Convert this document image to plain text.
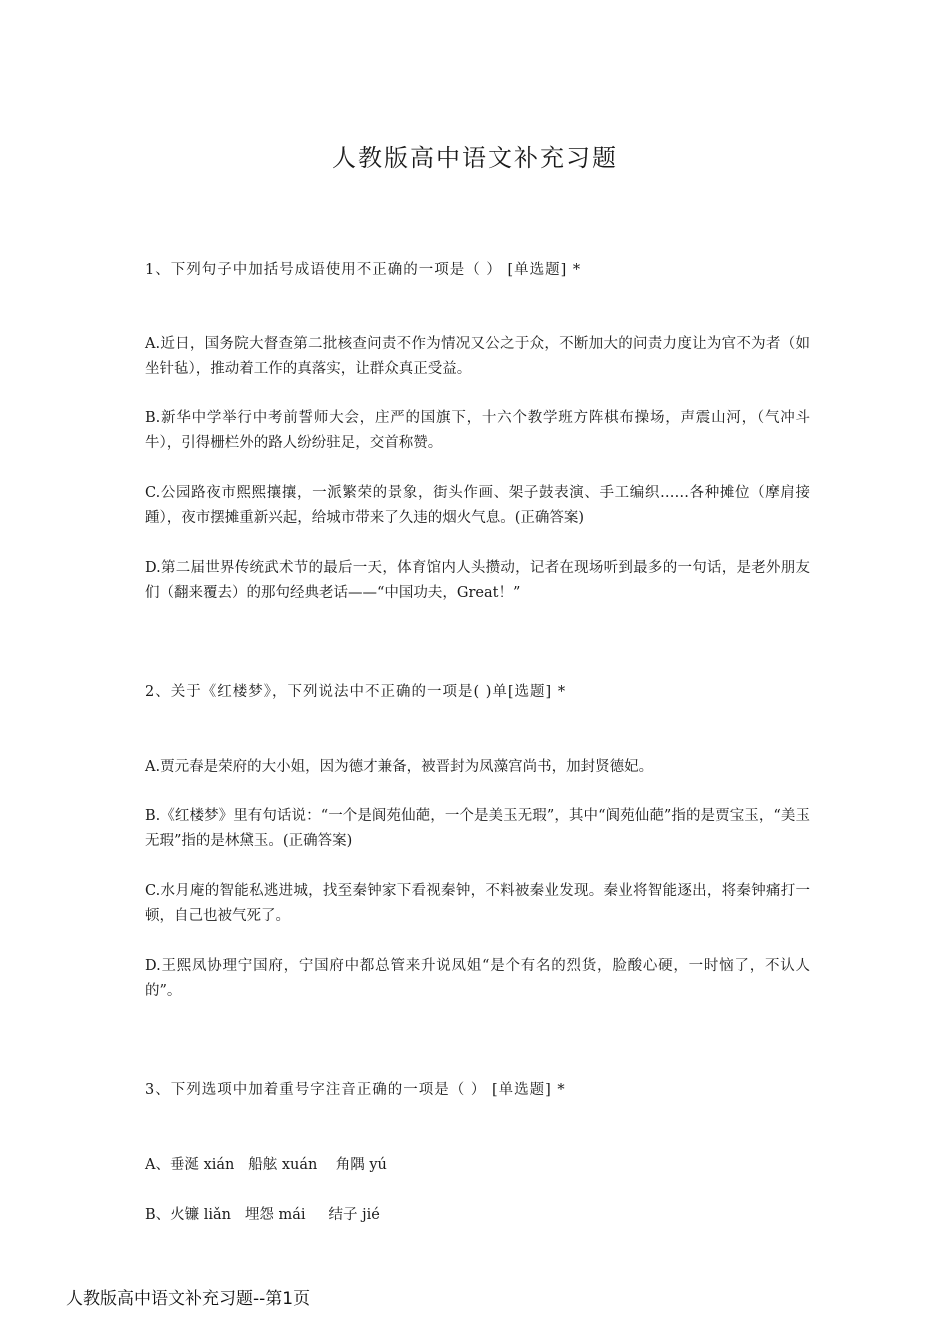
人教版高中语文补充习题
1、下列句子中加括号成语使用不正确的一项是（ ） [单选题] *
A.近日，国务院大督查第二批核查问责不作为情况又公之于众，不断加大的问责力度让为官不为者（如坐针毡），推动着工作的真落实，让群众真正受益。
B.新华中学举行中考前誓师大会，庄严的国旗下，十六个教学班方阵棋布操场，声震山河，（气冲斗牛），引得栅栏外的路人纷纷驻足，交首称赞。
C.公园路夜市熙熙攘攘，一派繁荣的景象，街头作画、架子鼓表演、手工编织……各种摊位（摩肩接踵），夜市摆摊重新兴起，给城市带来了久违的烟火气息。(正确答案)
D.第二届世界传统武术节的最后一天，体育馆内人头攒动，记者在现场听到最多的一句话，是老外朋友们（翻来覆去）的那句经典老话——“中国功夫，Great！”
2、关于《红楼梦》，下列说法中不正确的一项是( )单[选题] *
A.贾元春是荣府的大小姐，因为德才兼备，被晋封为凤藻宫尚书，加封贤德妃。
B.《红楼梦》里有句话说：“一个是阆苑仙葩，一个是美玉无瑕”，其中“阆苑仙葩”指的是贾宝玉，“美玉无瑕”指的是林黛玉。(正确答案)
C.水月庵的智能私逃进城，找至秦钟家下看视秦钟，不料被秦业发现。秦业将智能逐出，将秦钟痛打一顿，自己也被气死了。
D.王熙凤协理宁国府，宁国府中都总管来升说凤姐“是个有名的烈货，脸酸心硬，一时恼了，不认人的”。
3、下列选项中加着重号字注音正确的一项是（ ） [单选题] *
A、垂涎 xián   船舷 xuán    角隅 yú
B、火镰 liǎn   埋怨 mái     结子 jié
人教版高中语文补充习题--第1页
